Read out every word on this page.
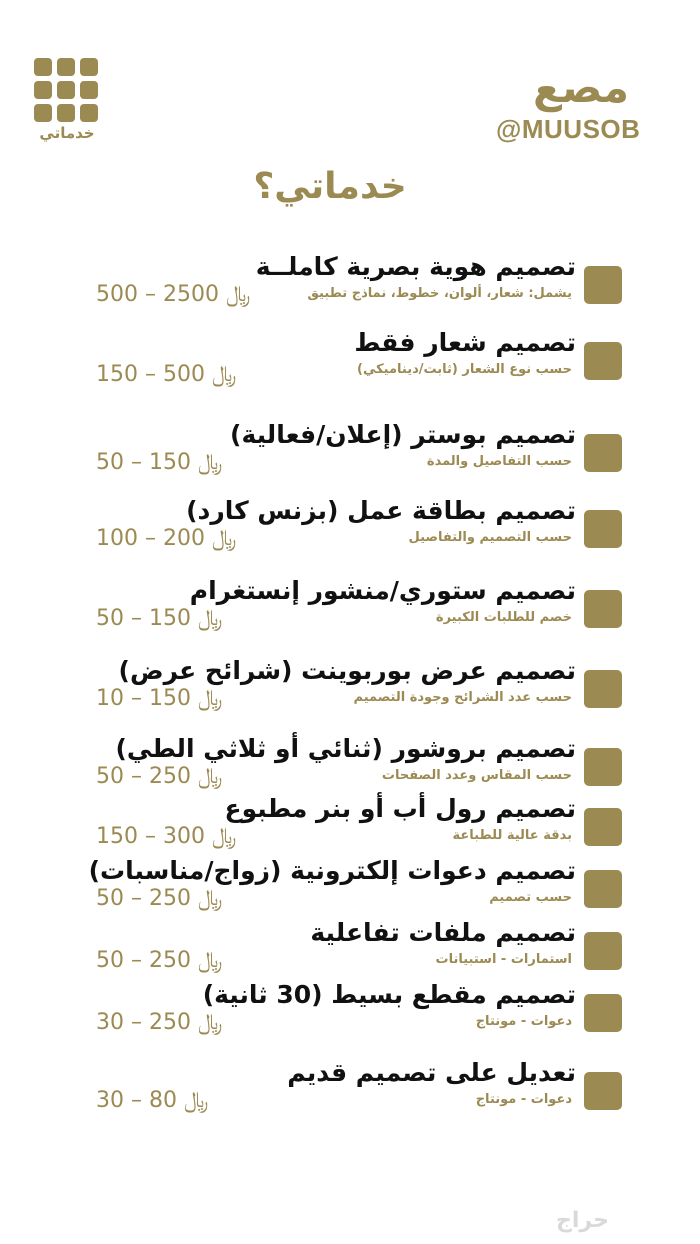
خدماتي
مصع
@MUUSOB
خدماتي؟
تصميم هوية بصرية كاملــة
يشمل: شعار، ألوان، خطوط، نماذج تطبيق
500 – 2500 ﷼
تصميم شعار فقط
حسب نوع الشعار (ثابت/ديناميكي)
150 – 500 ﷼
تصميم بوستر (إعلان/فعالية)
حسب التفاصيل والمدة
50 – 150 ﷼
تصميم بطاقة عمل (بزنس كارد)
حسب التصميم والتفاصيل
100 – 200 ﷼
تصميم ستوري/منشور إنستغرام
خصم للطلبات الكبيرة
50 – 150 ﷼
تصميم عرض بوربوينت (شرائح عرض)
حسب عدد الشرائح وجودة التصميم
10 – 150 ﷼
تصميم بروشور (ثنائي أو ثلاثي الطي)
حسب المقاس وعدد الصفحات
50 – 250 ﷼
تصميم رول أب أو بنر مطبوع
بدقة عالية للطباعة
150 – 300 ﷼
تصميم دعوات إلكترونية (زواج/مناسبات)
حسب تصميم
50 – 250 ﷼
تصميم ملفات تفاعلية
استمارات - استبيانات
50 – 250 ﷼
تصميم مقطع بسيط (30 ثانية)
دعوات - مونتاج
30 – 250 ﷼
تعديل على تصميم قديم
دعوات - مونتاج
30 – 80 ﷼
حراج
